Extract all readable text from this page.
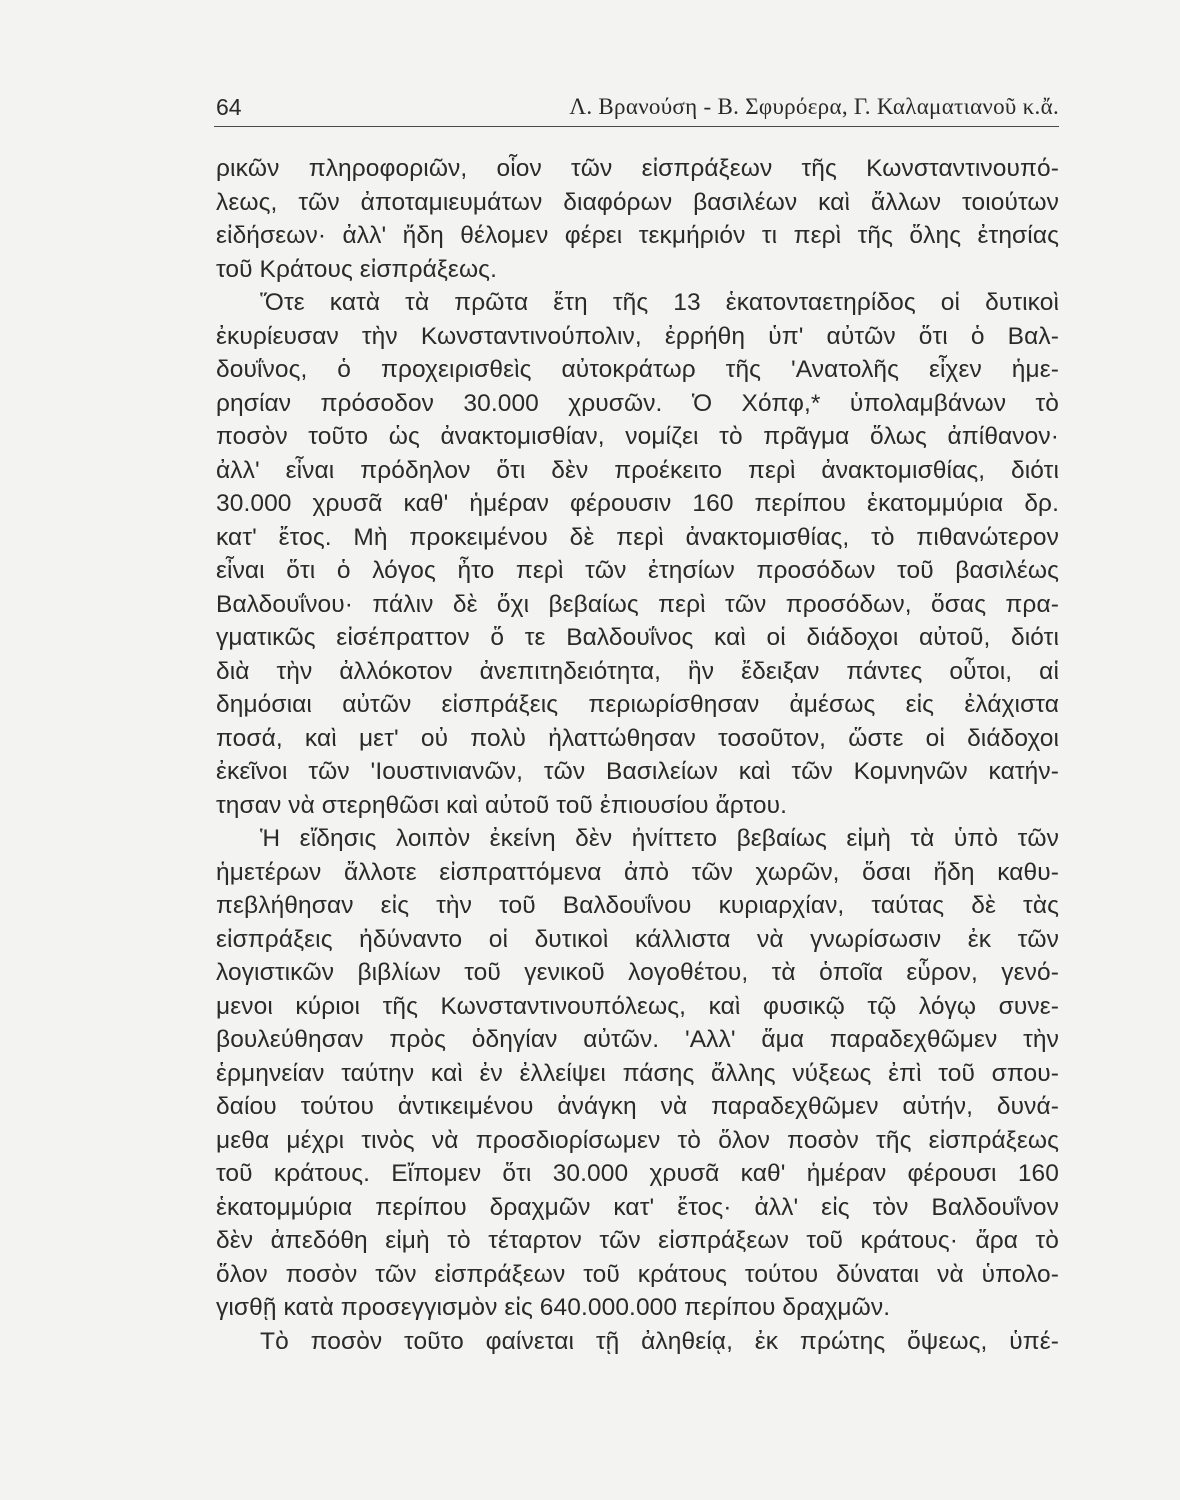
64	Λ. Βρανούση - Β. Σφυρόερα, Γ. Καλαματιανοῦ κ.ἄ.
ρικῶν πληροφοριῶν, οἷον τῶν εἰσπράξεων τῆς Κωνσταντινουπό-
λεως, τῶν ἀποταμιευμάτων διαφόρων βασιλέων καὶ ἄλλων τοιούτων
εἰδήσεων· ἀλλ' ἤδη θέλομεν φέρει τεκμήριόν τι περὶ τῆς ὅλης ἐτησίας
τοῦ Κράτους εἰσπράξεως.
Ὅτε κατὰ τὰ πρῶτα ἔτη τῆς 13 ἑκατονταετηρίδος οἱ δυτικοὶ
ἐκυρίευσαν τὴν Κωνσταντινούπολιν, ἐρρήθη ὑπ' αὐτῶν ὅτι ὁ Βαλ-
δουΐνος, ὁ προχειρισθεὶς αὐτοκράτωρ τῆς 'Ανατολῆς εἶχεν ἡμε-
ρησίαν πρόσοδον 30.000 χρυσῶν. Ὁ Χόπφ,* ὑπολαμβάνων τὸ
ποσὸν τοῦτο ὡς ἀνακτομισθίαν, νομίζει τὸ πρᾶγμα ὅλως ἀπίθανον·
ἀλλ' εἶναι πρόδηλον ὅτι δὲν προέκειτο περὶ ἀνακτομισθίας, διότι
30.000 χρυσᾶ καθ' ἡμέραν φέρουσιν 160 περίπου ἑκατομμύρια δρ.
κατ' ἔτος. Μὴ προκειμένου δὲ περὶ ἀνακτομισθίας, τὸ πιθανώτερον
εἶναι ὅτι ὁ λόγος ἦτο περὶ τῶν ἐτησίων προσόδων τοῦ βασιλέως
Βαλδουΐνου· πάλιν δὲ ὄχι βεβαίως περὶ τῶν προσόδων, ὅσας πρα-
γματικῶς εἰσέπραττον ὅ τε Βαλδουΐνος καὶ οἱ διάδοχοι αὐτοῦ, διότι
διὰ τὴν ἀλλόκοτον ἀνεπιτηδειότητα, ἣν ἔδειξαν πάντες οὗτοι, αἱ
δημόσιαι αὐτῶν εἰσπράξεις περιωρίσθησαν ἀμέσως εἰς ἐλάχιστα
ποσά, καὶ μετ' οὐ πολὺ ἠλαττώθησαν τοσοῦτον, ὥστε οἱ διάδοχοι
ἐκεῖνοι τῶν 'Ιουστινιανῶν, τῶν Βασιλείων καὶ τῶν Κομνηνῶν κατήν-
τησαν νὰ στερηθῶσι καὶ αὐτοῦ τοῦ ἐπιουσίου ἄρτου.
Ἡ εἴδησις λοιπὸν ἐκείνη δὲν ἠνίττετο βεβαίως εἰμὴ τὰ ὑπὸ τῶν
ἡμετέρων ἄλλοτε εἰσπραττόμενα ἀπὸ τῶν χωρῶν, ὅσαι ἤδη καθυ-
πεβλήθησαν εἰς τὴν τοῦ Βαλδουΐνου κυριαρχίαν, ταύτας δὲ τὰς
εἰσπράξεις ἠδύναντο οἱ δυτικοὶ κάλλιστα νὰ γνωρίσωσιν ἐκ τῶν
λογιστικῶν βιβλίων τοῦ γενικοῦ λογοθέτου, τὰ ὁποῖα εὗρον, γενό-
μενοι κύριοι τῆς Κωνσταντινουπόλεως, καὶ φυσικῷ τῷ λόγῳ συνε-
βουλεύθησαν πρὸς ὁδηγίαν αὐτῶν. 'Αλλ' ἅμα παραδεχθῶμεν τὴν
ἑρμηνείαν ταύτην καὶ ἐν ἐλλείψει πάσης ἄλλης νύξεως ἐπὶ τοῦ σπου-
δαίου τούτου ἀντικειμένου ἀνάγκη νὰ παραδεχθῶμεν αὐτήν, δυνά-
μεθα μέχρι τινὸς νὰ προσδιορίσωμεν τὸ ὅλον ποσὸν τῆς εἰσπράξεως
τοῦ κράτους. Εἴπομεν ὅτι 30.000 χρυσᾶ καθ' ἡμέραν φέρουσι 160
ἑκατομμύρια περίπου δραχμῶν κατ' ἔτος· ἀλλ' εἰς τὸν Βαλδουΐνον
δὲν ἀπεδόθη εἰμὴ τὸ τέταρτον τῶν εἰσπράξεων τοῦ κράτους· ἄρα τὸ
ὅλον ποσὸν τῶν εἰσπράξεων τοῦ κράτους τούτου δύναται νὰ ὑπολο-
γισθῇ κατὰ προσεγγισμὸν εἰς 640.000.000 περίπου δραχμῶν.
Τὸ ποσὸν τοῦτο φαίνεται τῇ ἀληθείᾳ, ἐκ πρώτης ὄψεως, ὑπέ-
